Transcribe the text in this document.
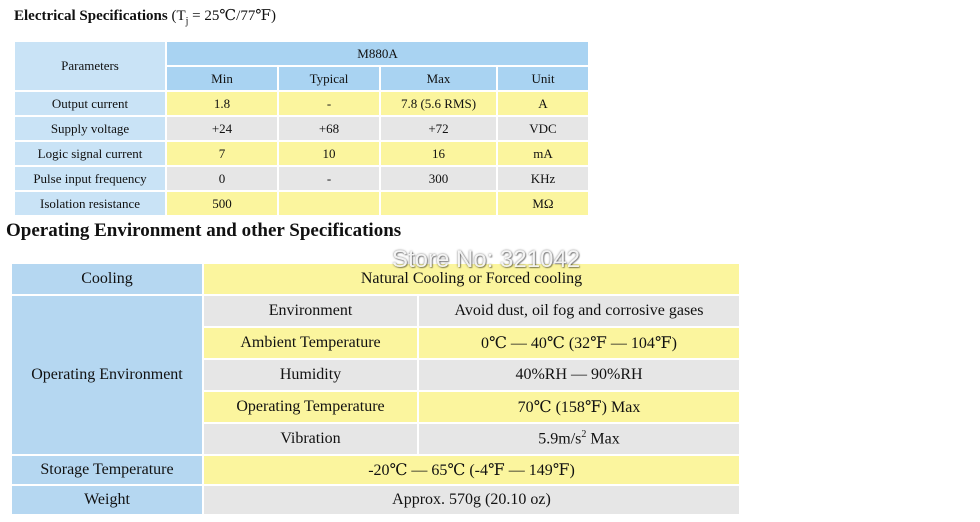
Electrical Specifications ($T_j$ = 25℃/77℉)
Parameters	M880A			
	Min	Typical	Max	Unit
Output current	1.8	-	7.8 (5.6 RMS)	A
Supply voltage	+24	+68	+72	VDC
Logic signal current	7	10	16	mA
Pulse input frequency	0	-	300	KHz
Isolation resistance	500			MΩ
Operating Environment and other Specifications
Cooling	Natural Cooling or Forced cooling	
Operating Environment	Environment	Avoid dust, oil fog and corrosive gases
	Ambient Temperature	0℃ — 40℃ (32℉ — 104℉)
	Humidity	40%RH — 90%RH
	Operating Temperature	70℃ (158℉) Max
	Vibration	$5.9m/s^2$ Max
Storage Temperature	-20℃ — 65℃ (-4℉ — 149℉)	
Weight	Approx. 570g (20.10 oz)	
Store No: 321042
